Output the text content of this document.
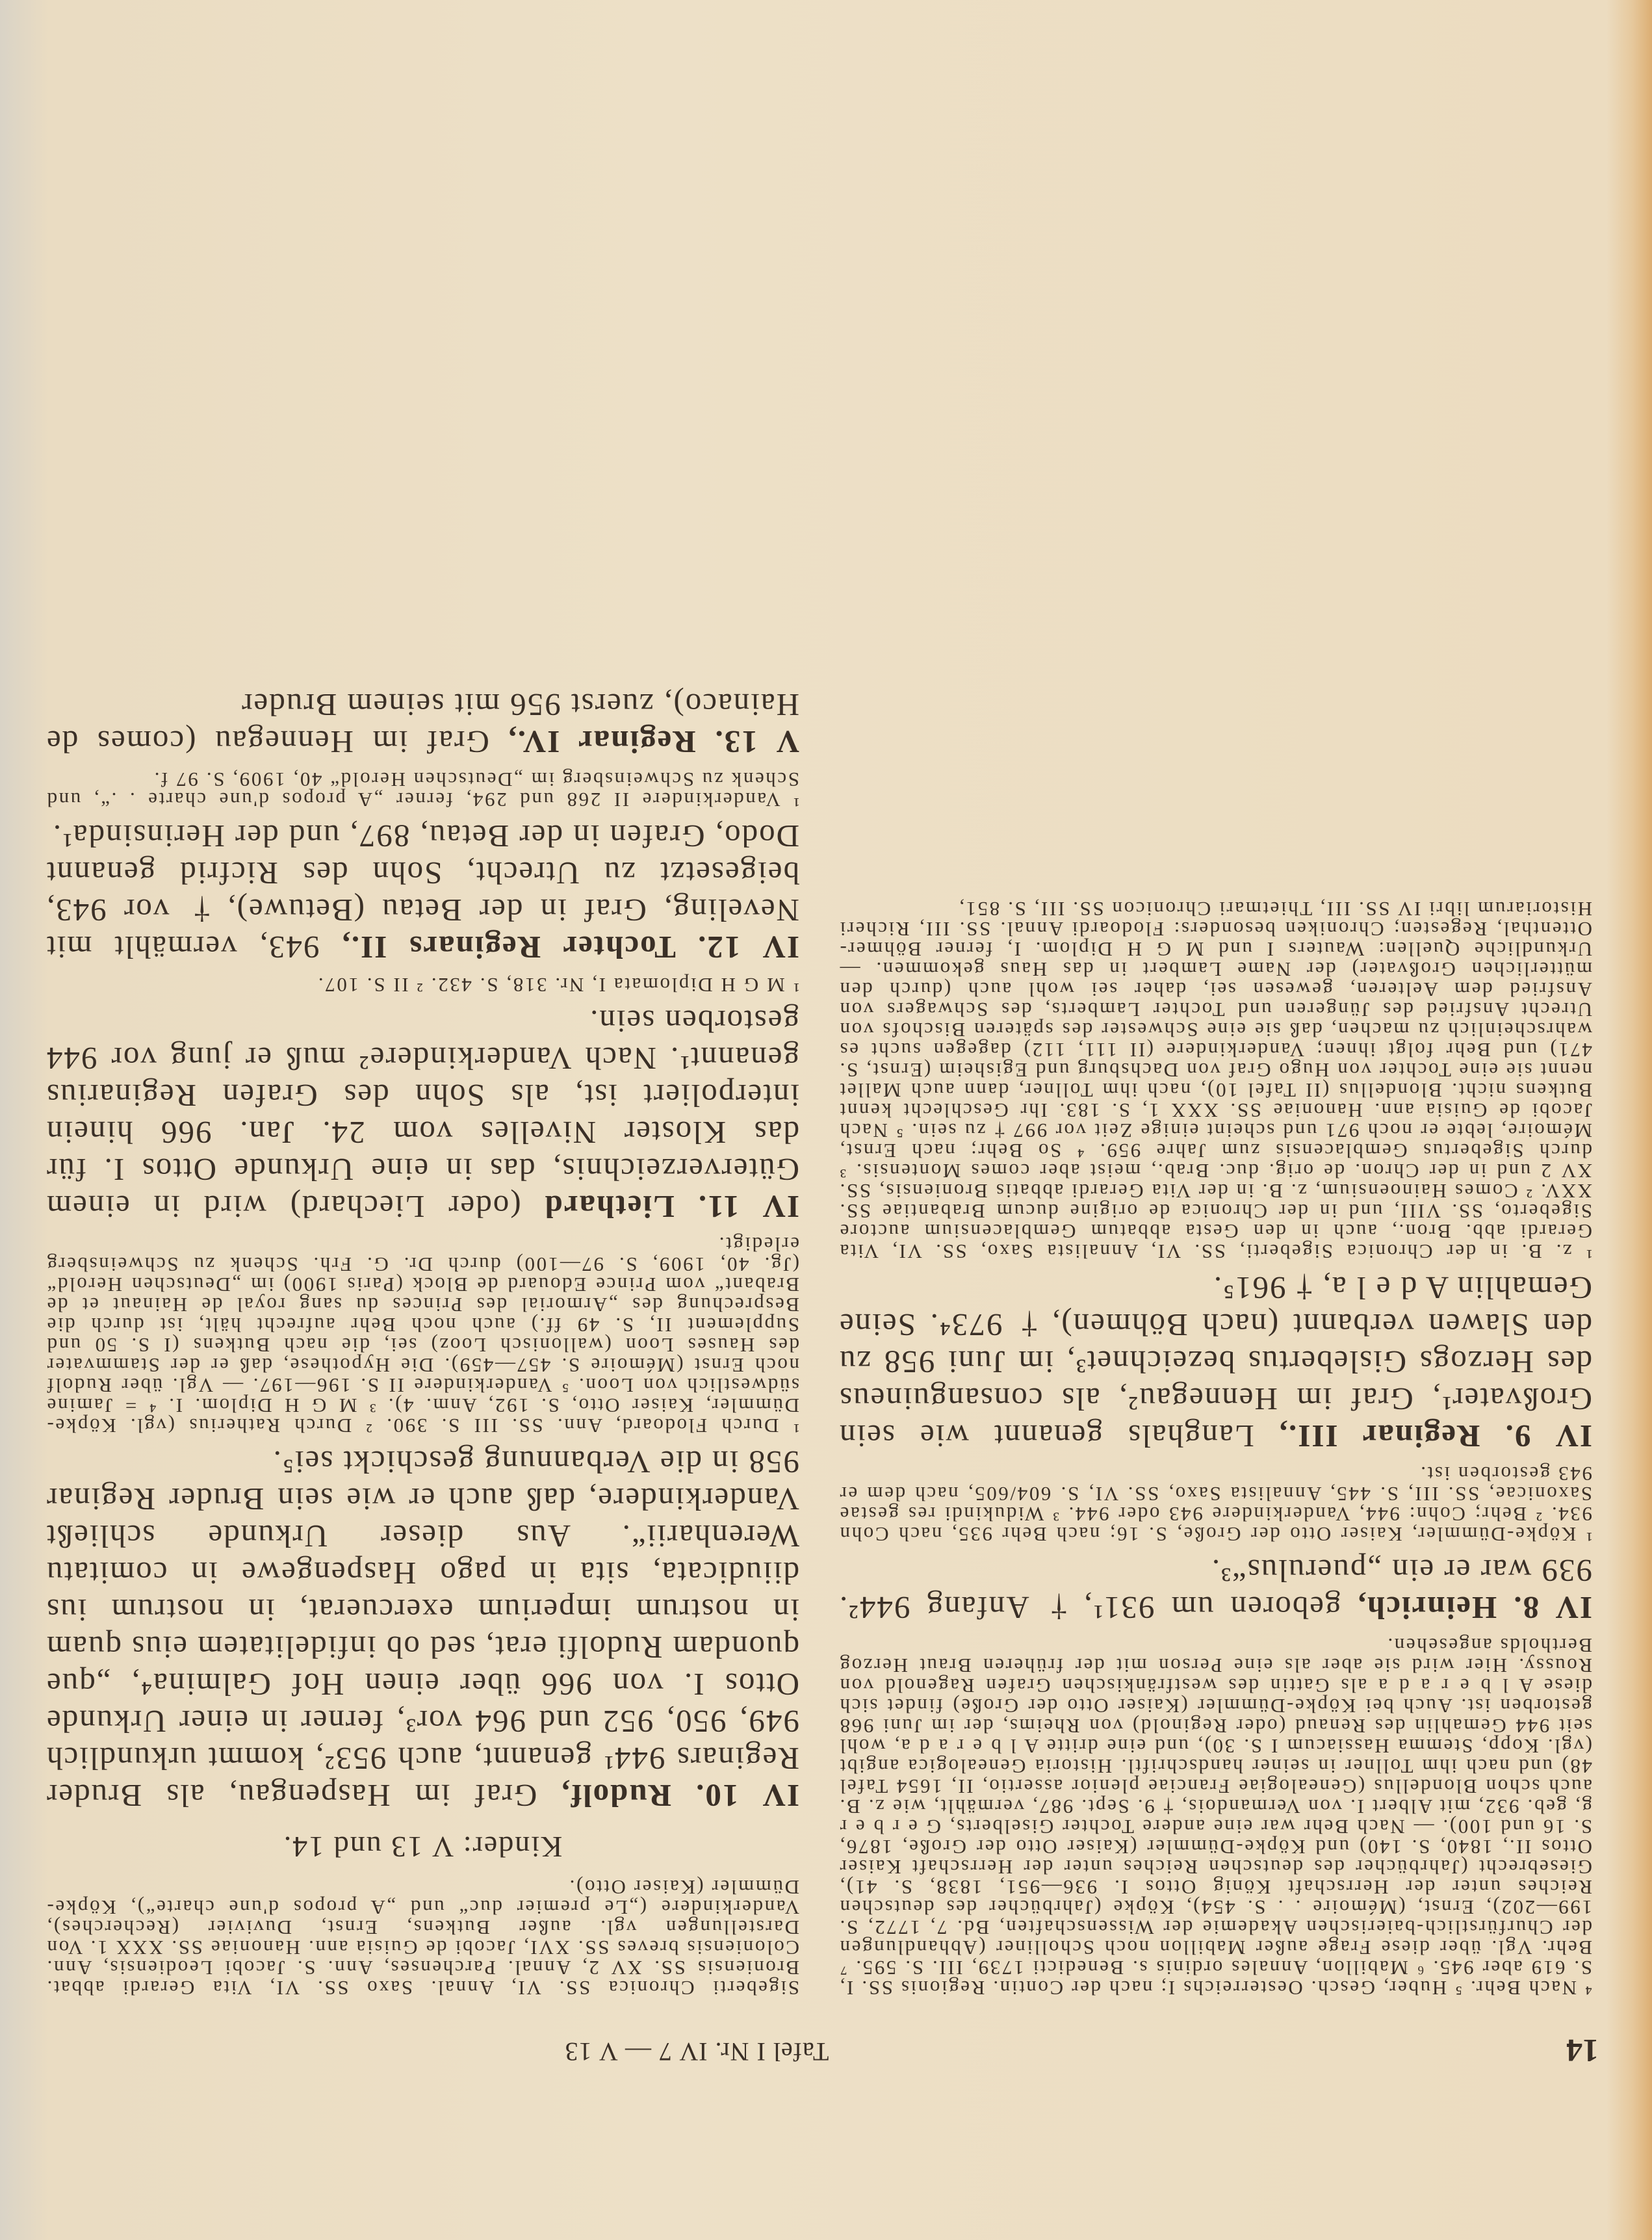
14
Tafel I Nr. IV 7 — V 13

⁴ Nach Behr. ⁵ Huber, Gesch. Oesterreichs I; nach der Contin. Regionis SS. I, S. 619 aber 945. ⁶ Mabillon, Annales ordinis s. Benedicti 1739, III. S. 595. ⁷ Behr. Vgl. über diese Frage außer Mabillon noch Scholliner (Abhandlungen der Churfürstlich-baierischen Akademie der Wissenschaften, Bd. 7, 1772, S. 199—202), Ernst, (Mémoire . . S. 454), Köpke (Jahrbücher des deutschen Reiches unter der Herrschaft König Ottos I. 936—951, 1838, S. 41), Giesebrecht (Jahrbücher des deutschen Reiches unter der Herrschaft Kaiser Ottos II., 1840, S. 140) und Köpke-Dümmler (Kaiser Otto der Große, 1876, S. 16 und 100). — Nach Behr war eine andere Tochter Giselberts, G e r b e r g, geb. 932, mit Albert I. von Vermandois, † 9. Sept. 987, vermählt, wie z. B. auch schon Blondellus (Genealogiae Franciae plenior assertio, II, 1654 Tafel 48) und nach ihm Tollner in seiner handschriftl. Historia Genealogica angibt (vgl. Kopp, Stemma Hassiacum I S. 30), und eine dritte A l b e r a d a, wohl seit 944 Gemahlin des Renaud (oder Reginold) von Rheims, der im Juni 968 gestorben ist. Auch bei Köpke-Dümmler (Kaiser Otto der Große) findet sich diese A l b e r a d a als Gattin des westfränkischen Grafen Ragenold von Roussy. Hier wird sie aber als eine Person mit der früheren Braut Herzog Bertholds angesehen.

IV 8. Heinrich, geboren um 931¹, † Anfang 944². 939 war er ein „puerulus“³.

¹ Köpke-Dümmler, Kaiser Otto der Große, S. 16; nach Behr 935, nach Cohn 934. ² Behr; Cohn: 944, Vanderkindere 943 oder 944. ³ Widukindi res gestae Saxonicae, SS. III, S. 445, Annalista Saxo, SS. VI, S. 604/605, nach dem er 943 gestorben ist.

IV 9. Reginar III., Langhals genannt wie sein Großvater¹, Graf im Hennegau², als consanguineus des Herzogs Gislebertus bezeichnet³, im Juni 958 zu den Slawen verbannt (nach Böhmen), † 973⁴. Seine Gemahlin A d e l a, † 961⁵.

¹ z. B. in der Chronica Sigeberti, SS. VI, Annalista Saxo, SS. VI, Vita Gerardi abb. Bron., auch in den Gesta abbatum Gemblacensium auctore Sigeberto, SS. VIII, und in der Chronica de origine ducum Brabantiae SS. XXV. ² Comes Hainoensium, z. B. in der Vita Gerardi abbatis Broniensis, SS. XV 2 und in der Chron. de orig. duc. Brab., meist aber comes Montensis. ³ durch Sigebertus Gemblacensis zum Jahre 959. ⁴ So Behr; nach Ernst, Mémoire, lebte er noch 971 und scheint einige Zeit vor 997 † zu sein. ⁵ Nach Jacobi de Guisia ann. Hanoniae SS. XXX 1, S. 183. Ihr Geschlecht kennt Butkens nicht. Blondellus (II Tafel 10), nach ihm Tollner, dann auch Mallet nennt sie eine Tochter von Hugo Graf von Dachsburg und Egisheim (Ernst, S. 471) und Behr folgt ihnen; Vanderkindere (II 111, 112) dagegen sucht es wahrscheinlich zu machen, daß sie eine Schwester des späteren Bischofs von Utrecht Ansfried des Jüngeren und Tochter Lamberts, des Schwagers von Ansfried dem Aelteren, gewesen sei, daher sei wohl auch (durch den mütterlichen Großvater) der Name Lambert in das Haus gekommen. — Urkundliche Quellen: Wauters I und M G H Diplom. I, ferner Böhmer-Ottenthal, Regesten; Chroniken besonders: Flodoardi Annal. SS. III, Richeri Historiarum libri IV SS. III, Thietmari Chronicon SS. III, S. 851,

Sigeberti Chronica SS. VI, Annal. Saxo SS. VI, Vita Gerardi abbat. Broniensis SS. XV 2, Annal. Parchenses, Ann. S. Jacobi Leodiensis, Ann. Coloniensis breves SS. XVI, Jacobi de Guisia ann. Hanoniae SS. XXX 1. Von Darstellungen vgl. außer Butkens, Ernst, Duvivier (Recherches), Vanderkindere („Le premier duc“ und „A propos d'une charte“), Köpke-Dümmler (Kaiser Otto).

Kinder: V 13 und 14.

IV 10. Rudolf, Graf im Haspengau, als Bruder Reginars 944¹ genannt, auch 953², kommt urkundlich 949, 950, 952 und 964 vor³, ferner in einer Urkunde Ottos I. von 966 über einen Hof Galmina⁴, „que quondam Rudolfi erat, sed ob infidelitatem eius quam in nostrum imperium exercuerat, in nostrum ius diiudicata, sita in pago Haspengewe in comitatu Werenharii“. Aus dieser Urkunde schließt Vanderkindere, daß auch er wie sein Bruder Reginar 958 in die Verbannung geschickt sei⁵.

¹ Durch Flodoard, Ann. SS. III S. 390. ² Durch Ratherius (vgl. Köpke-Dümmler, Kaiser Otto, S. 192, Anm. 4). ³ M G H Diplom. I. ⁴ = Jamine südwestlich von Loon. ⁵ Vanderkindere II S. 196—197. — Vgl. über Rudolf noch Ernst (Mémoire S. 457—459). Die Hypothese, daß er der Stammvater des Hauses Loon (wallonisch Looz) sei, die nach Butkens (I S. 50 und Supplement II, S. 49 ff.) auch noch Behr aufrecht hält, ist durch die Besprechung des „Armorial des Princes du sang royal de Hainaut et de Brabant“ vom Prince Edouard de Block (Paris 1900) im „Deutschen Herold“ (Jg. 40, 1909, S. 97—100) durch Dr. G. Frh. Schenk zu Schweinsberg erledigt.

IV 11. Liethard (oder Liechard) wird in einem Güterverzeichnis, das in eine Urkunde Ottos I. für das Kloster Nivelles vom 24. Jan. 966 hinein interpoliert ist, als Sohn des Grafen Reginarius genannt¹. Nach Vanderkindere² muß er jung vor 944 gestorben sein.

¹ M G H Diplomata I, Nr. 318, S. 432. ² II S. 107.

IV 12. Tochter Reginars II., 943, vermählt mit Neveling, Graf in der Betau (Betuwe), † vor 943, beigesetzt zu Utrecht, Sohn des Ricfrid genannt Dodo, Grafen in der Betau, 897, und der Herinsinda¹.

¹ Vanderkindere II 268 und 294, ferner „A propos d'une charte . .“, und Schenk zu Schweinsberg im „Deutschen Herold“ 40, 1909, S. 97 f.

V 13. Reginar IV., Graf im Hennegau (comes de Hainaco), zuerst 956 mit seinem Bruder
